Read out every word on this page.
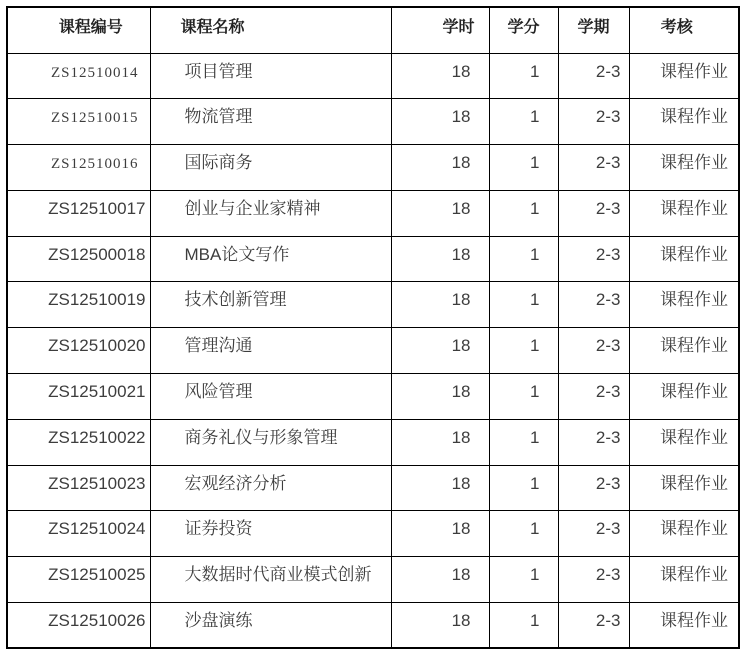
课程编号	课程名称	学时	学分	学期	考核
ZS12510014	项目管理	18	1	2-3	课程作业
ZS12510015	物流管理	18	1	2-3	课程作业
ZS12510016	国际商务	18	1	2-3	课程作业
ZS12510017	创业与企业家精神	18	1	2-3	课程作业
ZS12500018	MBA论文写作	18	1	2-3	课程作业
ZS12510019	技术创新管理	18	1	2-3	课程作业
ZS12510020	管理沟通	18	1	2-3	课程作业
ZS12510021	风险管理	18	1	2-3	课程作业
ZS12510022	商务礼仪与形象管理	18	1	2-3	课程作业
ZS12510023	宏观经济分析	18	1	2-3	课程作业
ZS12510024	证券投资	18	1	2-3	课程作业
ZS12510025	大数据时代商业模式创新	18	1	2-3	课程作业
ZS12510026	沙盘演练	18	1	2-3	课程作业
